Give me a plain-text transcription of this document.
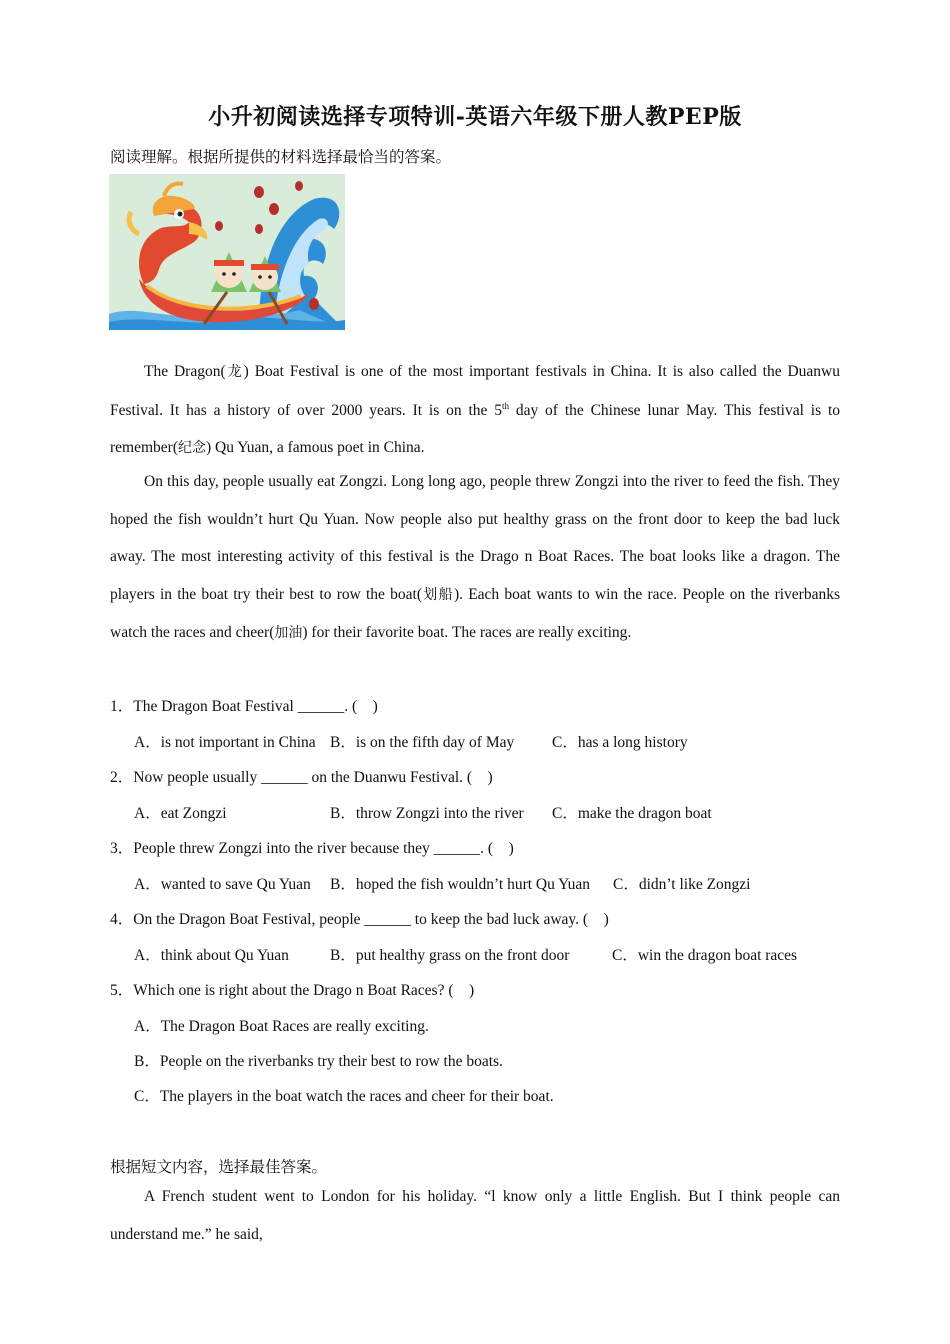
小升初阅读选择专项特训-英语六年级下册人教PEP版
阅读理解。根据所提供的材料选择最恰当的答案。
The Dragon(龙) Boat Festival is one of the most important festivals in China. It is also called the Duanwu Festival. It has a history of over 2000 years. It is on the 5th day of the Chinese lunar May. This festival is to remember(纪念) Qu Yuan, a famous poet in China.
On this day, people usually eat Zongzi. Long long ago, people threw Zongzi into the river to feed the fish. They hoped the fish wouldn’t hurt Qu Yuan. Now people also put healthy grass on the front door to keep the bad luck away. The most interesting activity of this festival is the Drago n Boat Races. The boat looks like a dragon. The players in the boat try their best to row the boat(划船). Each boat wants to win the race. People on the riverbanks watch the races and cheer(加油) for their favorite boat. The races are really exciting.
1．The Dragon Boat Festival ______. (　)
A．is not important in China B．is on the fifth day of May C．has a long history
2．Now people usually ______ on the Duanwu Festival. (　)
A．eat Zongzi	B．throw Zongzi into the river C．make the dragon boat
3．People threw Zongzi into the river because they ______. (　)
A．wanted to save Qu Yuan B．hoped the fish wouldn’t hurt Qu Yuan C．didn’t like Zongzi
4．On the Dragon Boat Festival, people ______ to keep the bad luck away. (　)
A．think about Qu Yuan	B．put healthy grass on the front door	C．win the dragon boat races
5．Which one is right about the Drago n Boat Races? (　)
A．The Dragon Boat Races are really exciting.
B．People on the riverbanks try their best to row the boats.
C．The players in the boat watch the races and cheer for their boat.
根据短文内容，选择最佳答案。
A French student went to London for his holiday. “l know only a little English. But I think people can understand me.” he said,
